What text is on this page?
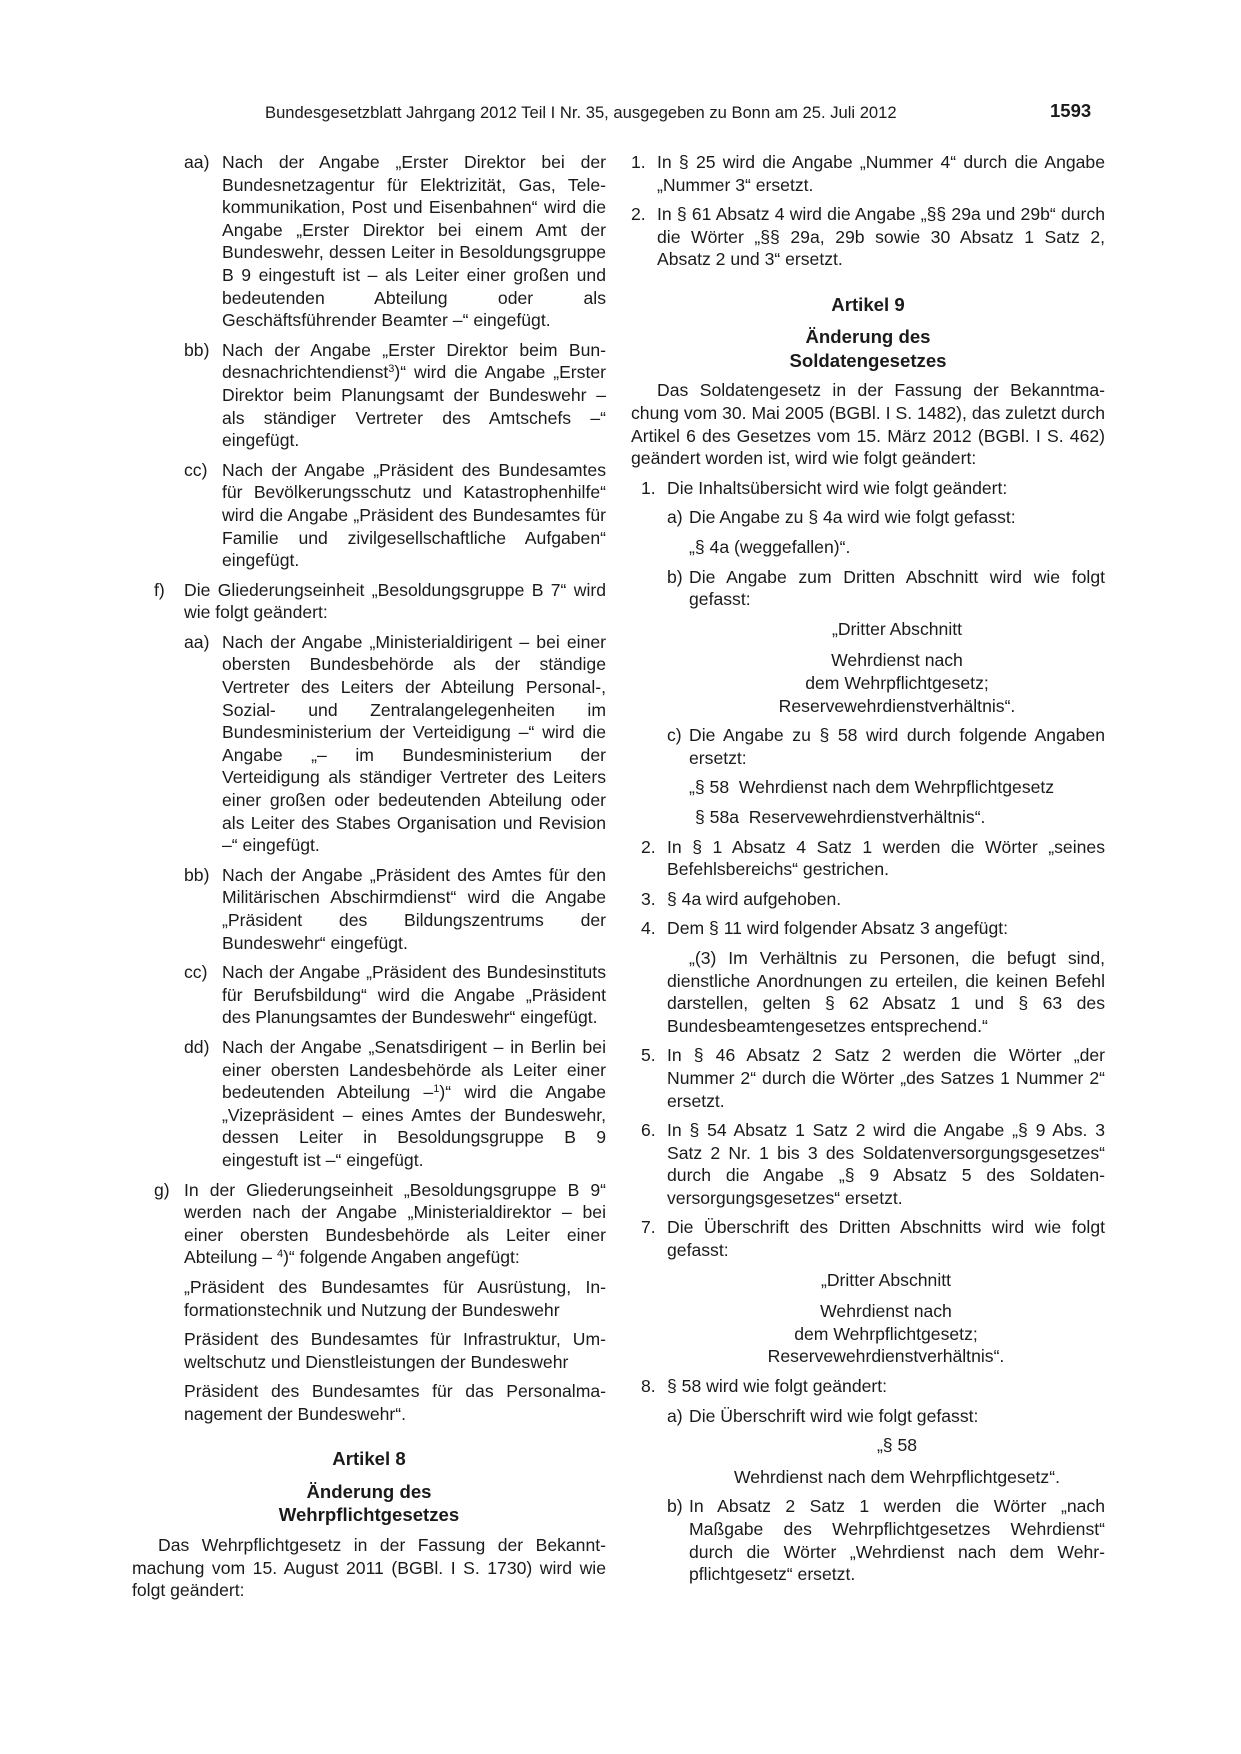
Bundesgesetzblatt Jahrgang 2012 Teil I Nr. 35, ausgegeben zu Bonn am 25. Juli 2012	1593
aa) Nach der Angabe „Erster Direktor bei der Bundesnetzagentur für Elektrizität, Gas, Telekommunikation, Post und Eisenbahnen“ wird die Angabe „Erster Direktor bei einem Amt der Bundeswehr, dessen Leiter in Besoldungsgruppe B 9 eingestuft ist – als Leiter einer großen und bedeutenden Abteilung oder als Geschäftsführender Beamter –“ eingefügt.
bb) Nach der Angabe „Erster Direktor beim Bundesnachrichtendienst$^3$)“ wird die Angabe „Erster Direktor beim Planungsamt der Bundeswehr – als ständiger Vertreter des Amtschefs –“ eingefügt.
cc) Nach der Angabe „Präsident des Bundesamtes für Bevölkerungsschutz und Katastrophenhilfe“ wird die Angabe „Präsident des Bundesamtes für Familie und zivilgesellschaftliche Aufgaben“ eingefügt.
f)	Die Gliederungseinheit „Besoldungsgruppe B 7“ wird wie folgt geändert:
aa) Nach der Angabe „Ministerialdirigent – bei einer obersten Bundesbehörde als der ständige Vertreter des Leiters der Abteilung Personal-, Sozial- und Zentralangelegenheiten im Bundesministerium der Verteidigung –“ wird die Angabe „– im Bundesministerium der Verteidigung als ständiger Vertreter des Leiters einer großen oder bedeutenden Abteilung oder als Leiter des Stabes Organisation und Revision –“ eingefügt.
bb) Nach der Angabe „Präsident des Amtes für den Militärischen Abschirmdienst“ wird die Angabe „Präsident des Bildungszentrums der Bundeswehr“ eingefügt.
cc) Nach der Angabe „Präsident des Bundesinstituts für Berufsbildung“ wird die Angabe „Präsident des Planungsamtes der Bundeswehr“ eingefügt.
dd) Nach der Angabe „Senatsdirigent – in Berlin bei einer obersten Landesbehörde als Leiter einer bedeutenden Abteilung –$^1$)“ wird die Angabe „Vizepräsident – eines Amtes der Bundeswehr, dessen Leiter in Besoldungsgruppe B 9 eingestuft ist –“ eingefügt.
g) In der Gliederungseinheit „Besoldungsgruppe B 9“ werden nach der Angabe „Ministerialdirektor – bei einer obersten Bundesbehörde als Leiter einer Abteilung – $^4$)“ folgende Angaben angefügt:
„Präsident des Bundesamtes für Ausrüstung, Informationstechnik und Nutzung der Bundeswehr
Präsident des Bundesamtes für Infrastruktur, Umweltschutz und Dienstleistungen der Bundeswehr
Präsident des Bundesamtes für das Personalmanagement der Bundeswehr“.
Artikel 8
Änderung des
Wehrpflichtgesetzes
Das Wehrpflichtgesetz in der Fassung der Bekanntmachung vom 15. August 2011 (BGBl. I S. 1730) wird wie folgt geändert:
1. In § 25 wird die Angabe „Nummer 4“ durch die Angabe „Nummer 3“ ersetzt.
2. In § 61 Absatz 4 wird die Angabe „§§ 29a und 29b“ durch die Wörter „§§ 29a, 29b sowie 30 Absatz 1 Satz 2, Absatz 2 und 3“ ersetzt.
Artikel 9
Änderung des
Soldatengesetzes
Das Soldatengesetz in der Fassung der Bekanntmachung vom 30. Mai 2005 (BGBl. I S. 1482), das zuletzt durch Artikel 6 des Gesetzes vom 15. März 2012 (BGBl. I S. 462) geändert worden ist, wird wie folgt geändert:
1. Die Inhaltsübersicht wird wie folgt geändert:
a) Die Angabe zu § 4a wird wie folgt gefasst:
„§ 4a (weggefallen)“.
b) Die Angabe zum Dritten Abschnitt wird wie folgt gefasst:
„Dritter Abschnitt
Wehrdienst nach
dem Wehrpflichtgesetz;
Reservewehrdienstverhältnis“.
c) Die Angabe zu § 58 wird durch folgende Angaben ersetzt:
„§ 58  Wehrdienst nach dem Wehrpflichtgesetz
§ 58a  Reservewehrdienstverhältnis“.
2. In § 1 Absatz 4 Satz 1 werden die Wörter „seines Befehlsbereichs“ gestrichen.
3. § 4a wird aufgehoben.
4. Dem § 11 wird folgender Absatz 3 angefügt:
„(3) Im Verhältnis zu Personen, die befugt sind, dienstliche Anordnungen zu erteilen, die keinen Befehl darstellen, gelten § 62 Absatz 1 und § 63 des Bundesbeamtengesetzes entsprechend.“
5. In § 46 Absatz 2 Satz 2 werden die Wörter „der Nummer 2“ durch die Wörter „des Satzes 1 Nummer 2“ ersetzt.
6. In § 54 Absatz 1 Satz 2 wird die Angabe „§ 9 Abs. 3 Satz 2 Nr. 1 bis 3 des Soldatenversorgungsgesetzes“ durch die Angabe „§ 9 Absatz 5 des Soldatenversorgungsgesetzes“ ersetzt.
7. Die Überschrift des Dritten Abschnitts wird wie folgt gefasst:
„Dritter Abschnitt
Wehrdienst nach
dem Wehrpflichtgesetz;
Reservewehrdienstverhältnis“.
8. § 58 wird wie folgt geändert:
a) Die Überschrift wird wie folgt gefasst:
„§ 58
Wehrdienst nach dem Wehrpflichtgesetz“.
b) In Absatz 2 Satz 1 werden die Wörter „nach Maßgabe des Wehrpflichtgesetzes Wehrdienst“ durch die Wörter „Wehrdienst nach dem Wehrpflichtgesetz“ ersetzt.
